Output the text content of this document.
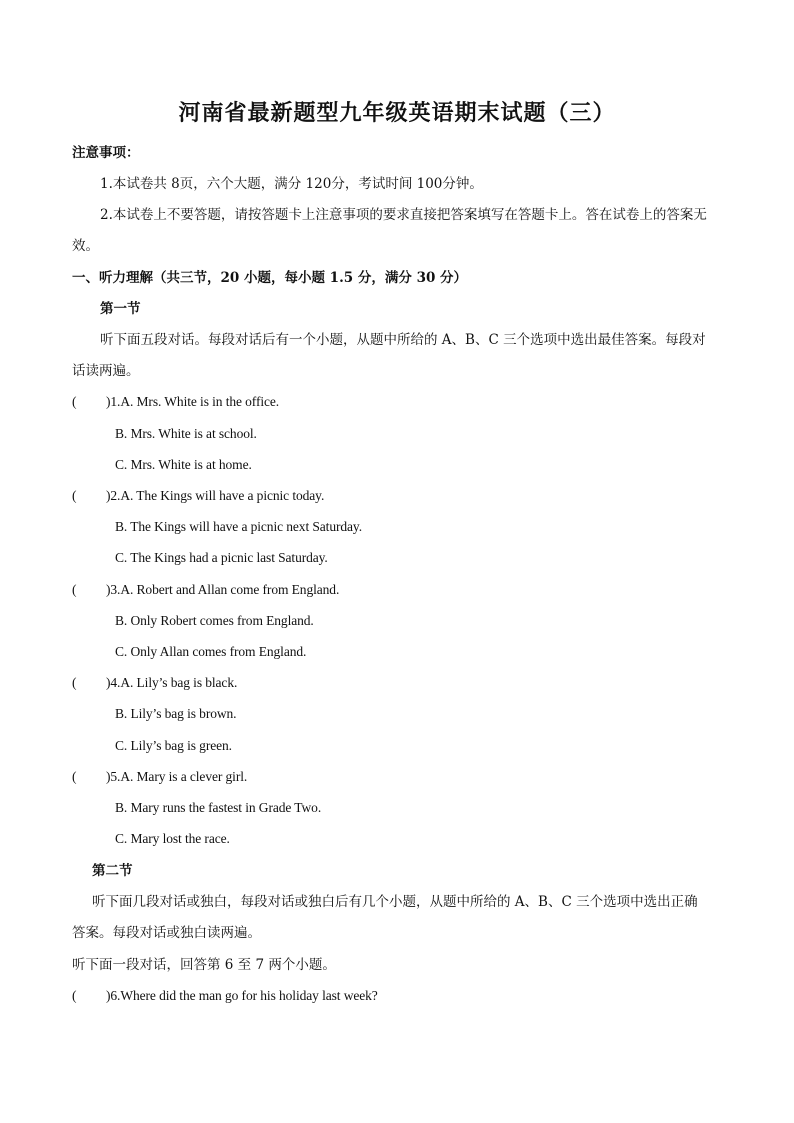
河南省最新题型九年级英语期末试题（三）
注意事项：
1.本试卷共 8页，六个大题，满分 120分，考试时间 100分钟。
2.本试卷上不要答题，请按答题卡上注意事项的要求直接把答案填写在答题卡上。答在试卷上的答案无
效。
一、听力理解（共三节，20 小题，每小题 1.5 分，满分 30 分）
第一节
听下面五段对话。每段对话后有一个小题，从题中所给的 A、B、C 三个选项中选出最佳答案。每段对
话读两遍。
( )1.A. Mrs. White is in the office.
B. Mrs. White is at school.
C. Mrs. White is at home.
( )2.A. The Kings will have a picnic today.
B. The Kings will have a picnic next Saturday.
C. The Kings had a picnic last Saturday.
( )3.A. Robert and Allan come from England.
B. Only Robert comes from England.
C. Only Allan comes from England.
( )4.A. Lily’s bag is black.
B. Lily’s bag is brown.
C. Lily’s bag is green.
( )5.A. Mary is a clever girl.
B. Mary runs the fastest in Grade Two.
C. Mary lost the race.
第二节
听下面几段对话或独白，每段对话或独白后有几个小题，从题中所给的 A、B、C 三个选项中选出正确
答案。每段对话或独白读两遍。
听下面一段对话，回答第 6 至 7 两个小题。
( )6.Where did the man go for his holiday last week?
